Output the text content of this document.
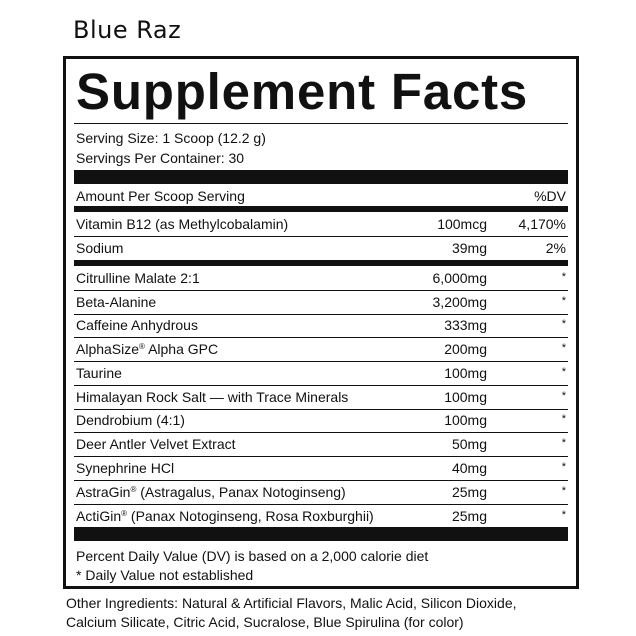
Blue Raz
Supplement Facts
Serving Size: 1 Scoop (12.2 g)
Servings Per Container: 30
Amount Per Scoop Serving	%DV
Vitamin B12 (as Methylcobalamin)	100mcg 4,170%
Sodium	39mg	2%
Citrulline Malate 2:1	6,000mg	*
Beta-Alanine	3,200mg	*
Caffeine Anhydrous	333mg	*
AlphaSize® Alpha GPC	200mg	*
Taurine	100mg	*
Himalayan Rock Salt — with Trace Minerals	100mg	*
Dendrobium (4:1)	100mg	*
Deer Antler Velvet Extract	50mg	*
Synephrine HCl	40mg	*
AstraGin® (Astragalus, Panax Notoginseng)	25mg	*
ActiGin® (Panax Notoginseng, Rosa Roxburghii)	25mg	*
Percent Daily Value (DV) is based on a 2,000 calorie diet
* Daily Value not established
Other Ingredients: Natural & Artificial Flavors, Malic Acid, Silicon Dioxide, Calcium Silicate, Citric Acid, Sucralose, Blue Spirulina (for color)
